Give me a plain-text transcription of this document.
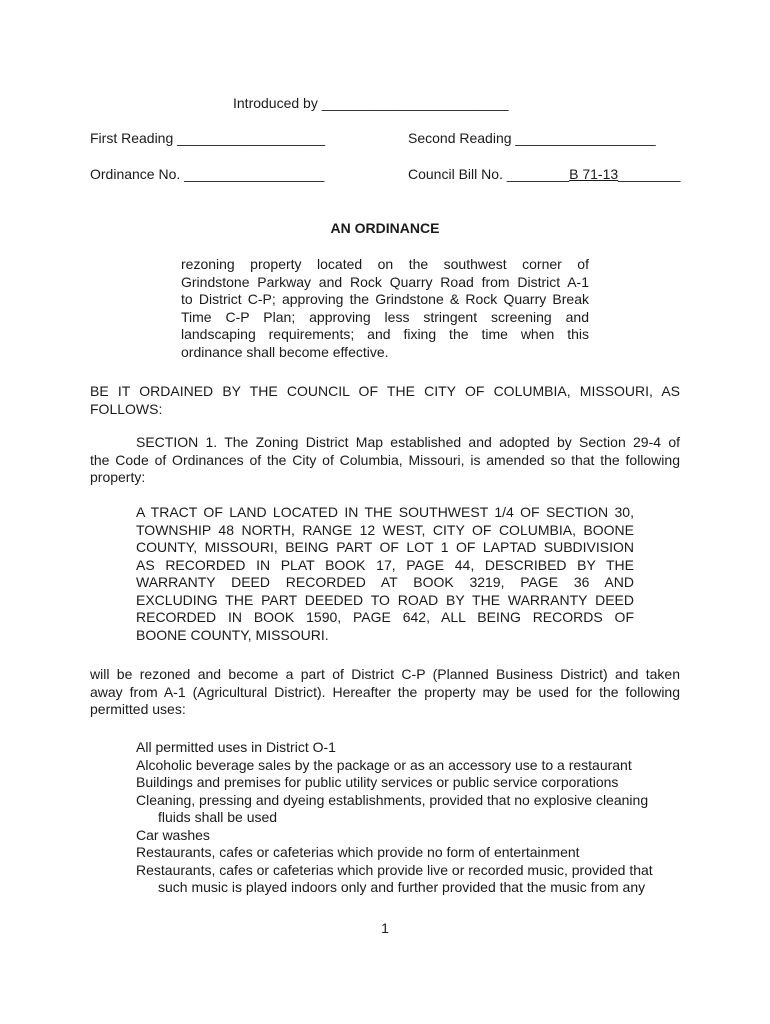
Introduced by ________________________
First Reading ___________________	Second Reading __________________
Ordinance No. __________________	Council Bill No. ________B 71-13________
AN ORDINANCE
rezoning property located on the southwest corner of
Grindstone Parkway and Rock Quarry Road from District A-1
to District C-P; approving the Grindstone & Rock Quarry Break
Time C-P Plan; approving less stringent screening and
landscaping requirements; and fixing the time when this
ordinance shall become effective.
BE IT ORDAINED BY THE COUNCIL OF THE CITY OF COLUMBIA, MISSOURI, AS
FOLLOWS:
SECTION 1. The Zoning District Map established and adopted by Section 29-4 of
the Code of Ordinances of the City of Columbia, Missouri, is amended so that the following
property:
A TRACT OF LAND LOCATED IN THE SOUTHWEST 1/4 OF SECTION 30,
TOWNSHIP 48 NORTH, RANGE 12 WEST, CITY OF COLUMBIA, BOONE
COUNTY, MISSOURI, BEING PART OF LOT 1 OF LAPTAD SUBDIVISION
AS RECORDED IN PLAT BOOK 17, PAGE 44, DESCRIBED BY THE
WARRANTY DEED RECORDED AT BOOK 3219, PAGE 36 AND
EXCLUDING THE PART DEEDED TO ROAD BY THE WARRANTY DEED
RECORDED IN BOOK 1590, PAGE 642, ALL BEING RECORDS OF
BOONE COUNTY, MISSOURI.
will be rezoned and become a part of District C-P (Planned Business District) and taken
away from A-1 (Agricultural District). Hereafter the property may be used for the following
permitted uses:
All permitted uses in District O-1
Alcoholic beverage sales by the package or as an accessory use to a restaurant
Buildings and premises for public utility services or public service corporations
Cleaning, pressing and dyeing establishments, provided that no explosive cleaning
fluids shall be used
Car washes
Restaurants, cafes or cafeterias which provide no form of entertainment
Restaurants, cafes or cafeterias which provide live or recorded music, provided that
such music is played indoors only and further provided that the music from any
1
